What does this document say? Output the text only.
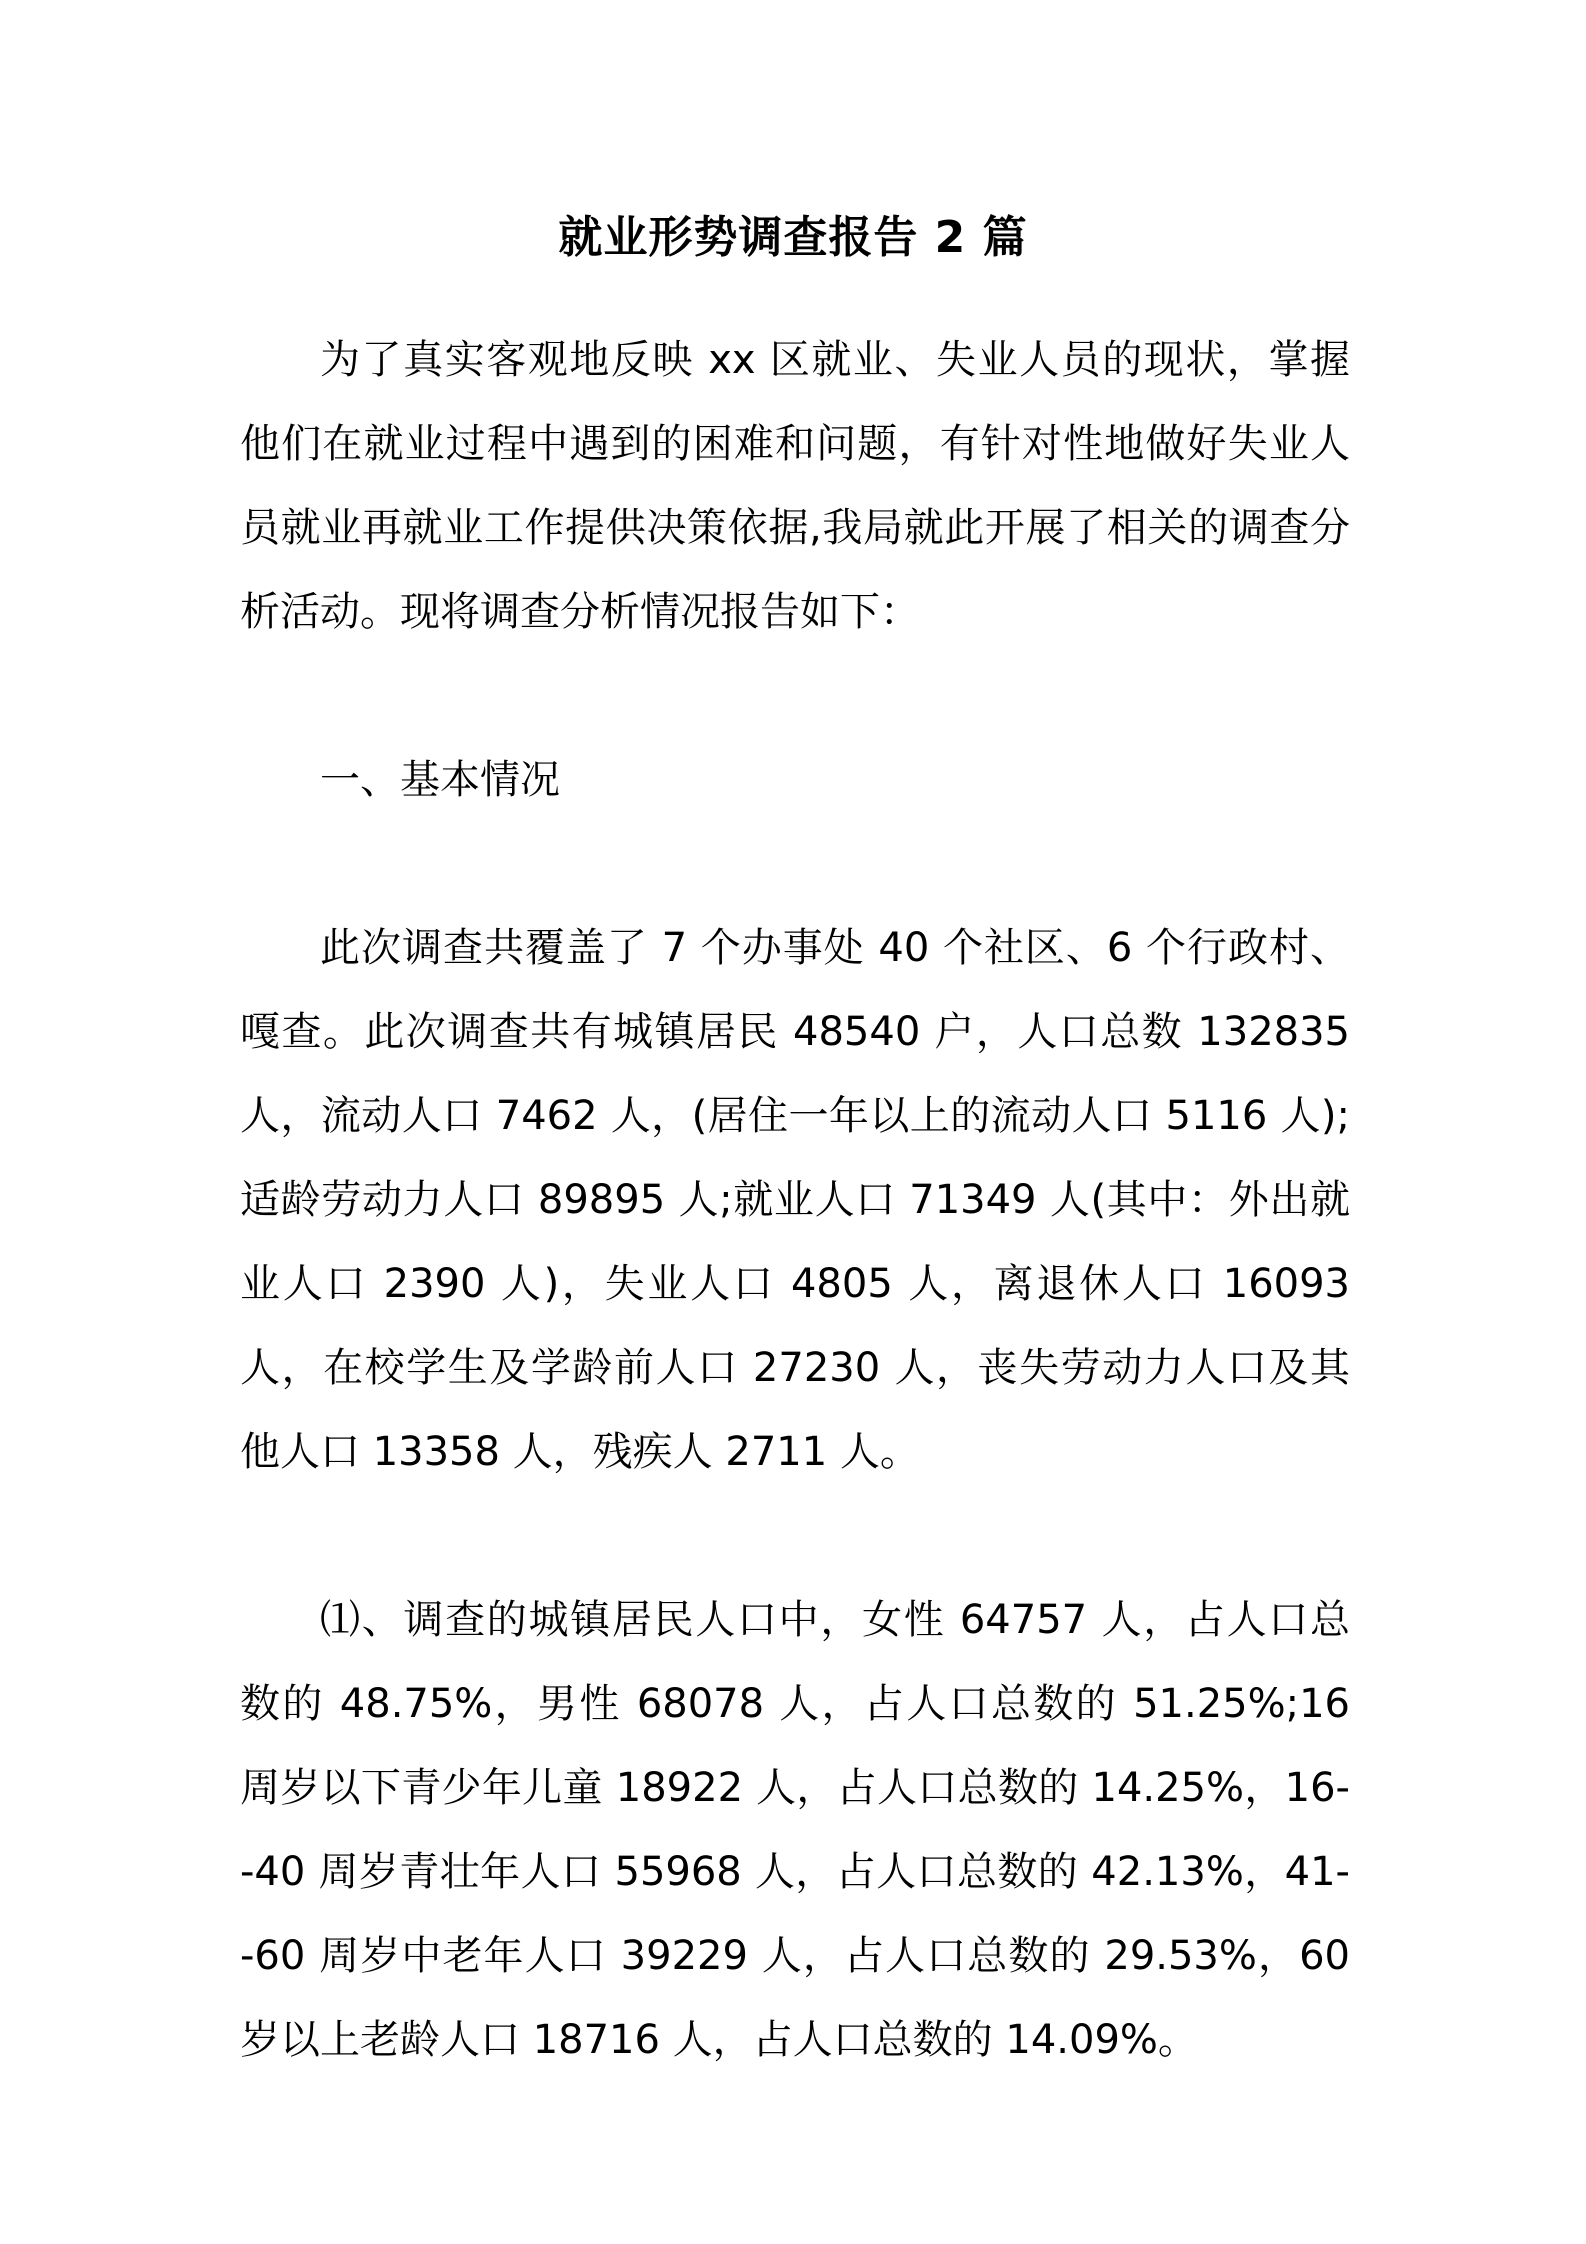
就业形势调查报告 2 篇

为了真实客观地反映 xx 区就业、失业人员的现状，掌握他们在就业过程中遇到的困难和问题，有针对性地做好失业人员就业再就业工作提供决策依据,我局就此开展了相关的调查分析活动。现将调查分析情况报告如下：

一、基本情况

此次调查共覆盖了 7 个办事处 40 个社区、6 个行政村、嘎查。此次调查共有城镇居民 48540 户，人口总数 132835 人，流动人口 7462 人，(居住一年以上的流动人口 5116 人);适龄劳动力人口 89895 人;就业人口 71349 人(其中：外出就业人口 2390 人)，失业人口 4805 人，离退休人口 16093 人，在校学生及学龄前人口 27230 人，丧失劳动力人口及其他人口 13358 人，残疾人 2711 人。

⑴、调查的城镇居民人口中，女性 64757 人，占人口总数的 48.75%，男性 68078 人，占人口总数的 51.25%;16 周岁以下青少年儿童 18922 人，占人口总数的 14.25%，16--40 周岁青壮年人口 55968 人，占人口总数的 42.13%，41--60 周岁中老年人口 39229 人，占人口总数的 29.53%，60 岁以上老龄人口 18716 人，占人口总数的 14.09%。
